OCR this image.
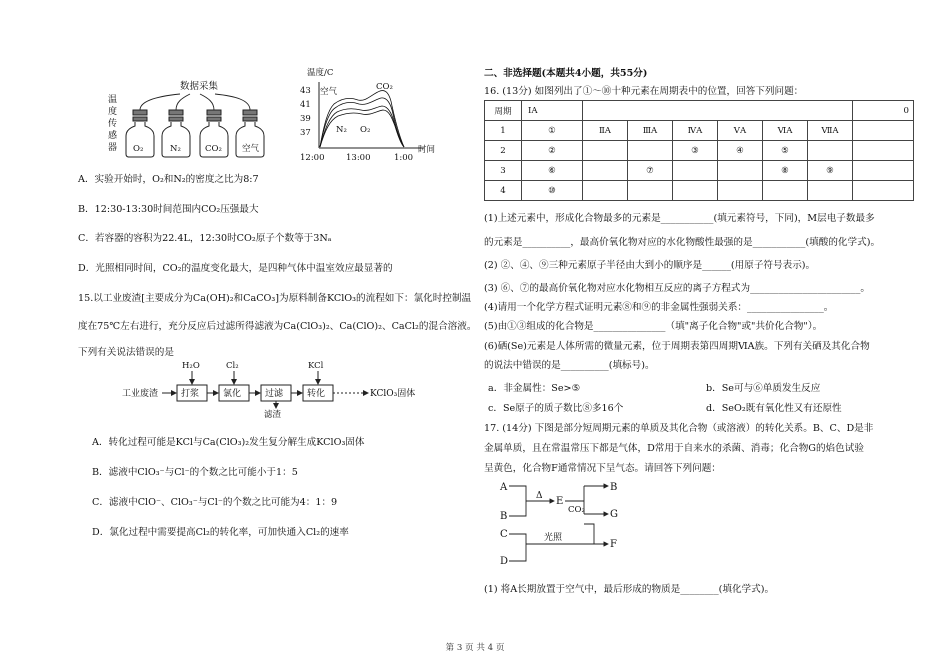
数据采集
温
度
传
感
器 O₂	N₂	CO₂ 空气
温度/C
43
41
39
37
12:00	13:00	1:00
时间
空气	CO₂
N₂ O₂
A．实验开始时，O₂和N₂的密度之比为8:7
B．12:30-13:30时间范围内CO₂压强最大
C．若容器的容积为22.4L，12:30时CO₂原子个数等于3Nₐ
D．光照相同时间，CO₂的温度变化最大，是四种气体中温室效应最显著的
15.以工业废渣[主要成分为Ca(OH)₂和CaCO₃]为原料制备KClO₃的流程如下：氯化时控制温
度在75℃左右进行，充分反应后过滤所得滤液为Ca(ClO₃)₂、Ca(ClO)₂、CaCl₂的混合溶液。
下列有关说法错误的是
工业废渣	打浆	氯化	过滤	转化	KClO₃固体
H₂O	Cl₂	KCl
滤渣
A．转化过程可能是KCl与Ca(ClO₃)₂发生复分解生成KClO₃固体
B．滤液中ClO₃⁻与Cl⁻的个数之比可能小于1：5
C．滤液中ClO⁻、ClO₃⁻与Cl⁻的个数之比可能为4：1：9
D．氯化过程中需要提高Cl₂的转化率，可加快通入Cl₂的速率
二、非选择题(本题共4小题，共55分)
16. (13分) 如图列出了①～⑩十种元素在周期表中的位置，回答下列问题：
周期	ⅠA							0
1	①	ⅡA	ⅢA	ⅣA	ⅤA	ⅥA	ⅦA	
2	②			③	④	⑤		
3	⑥		⑦			⑧	⑨	
4	⑩							
(1)上述元素中，形成化合物最多的元素是___________(填元素符号，下同)，M层电子数最多
的元素是__________，最高价氧化物对应的水化物酸性最强的是___________(填酸的化学式)。
(2) ②、④、⑨三种元素原子半径由大到小的顺序是______(用原子符号表示)。
(3) ⑥、⑦的最高价氧化物对应水化物相互反应的离子方程式为_______________________。
(4)请用一个化学方程式证明元素⑧和⑨的非金属性强弱关系：________________。
(5)由①③组成的化合物是_______________（填"离子化合物"或"共价化合物"）。
(6)硒(Se)元素是人体所需的微量元素，位于周期表第四周期ⅥA族。下列有关硒及其化合物
的说法中错误的是__________(填标号)。
a．非金属性：Se>⑤	b．Se可与⑥单质发生反应
c．Se原子的质子数比⑧多16个	d．SeO₂既有氧化性又有还原性
17. (14分) 下图是部分短周期元素的单质及其化合物（或溶液）的转化关系。B、C、D是非
金属单质，且在常温常压下都是气体，D常用于自来水的杀菌、消毒；化合物G的焰色试验
呈黄色，化合物F通常情况下呈气态。请回答下列问题：
A
B
E
B
G
C
D
F
Δ
CO₂
光照
(1) 将A长期放置于空气中，最后形成的物质是________(填化学式)。
第 3 页 共 4 页
